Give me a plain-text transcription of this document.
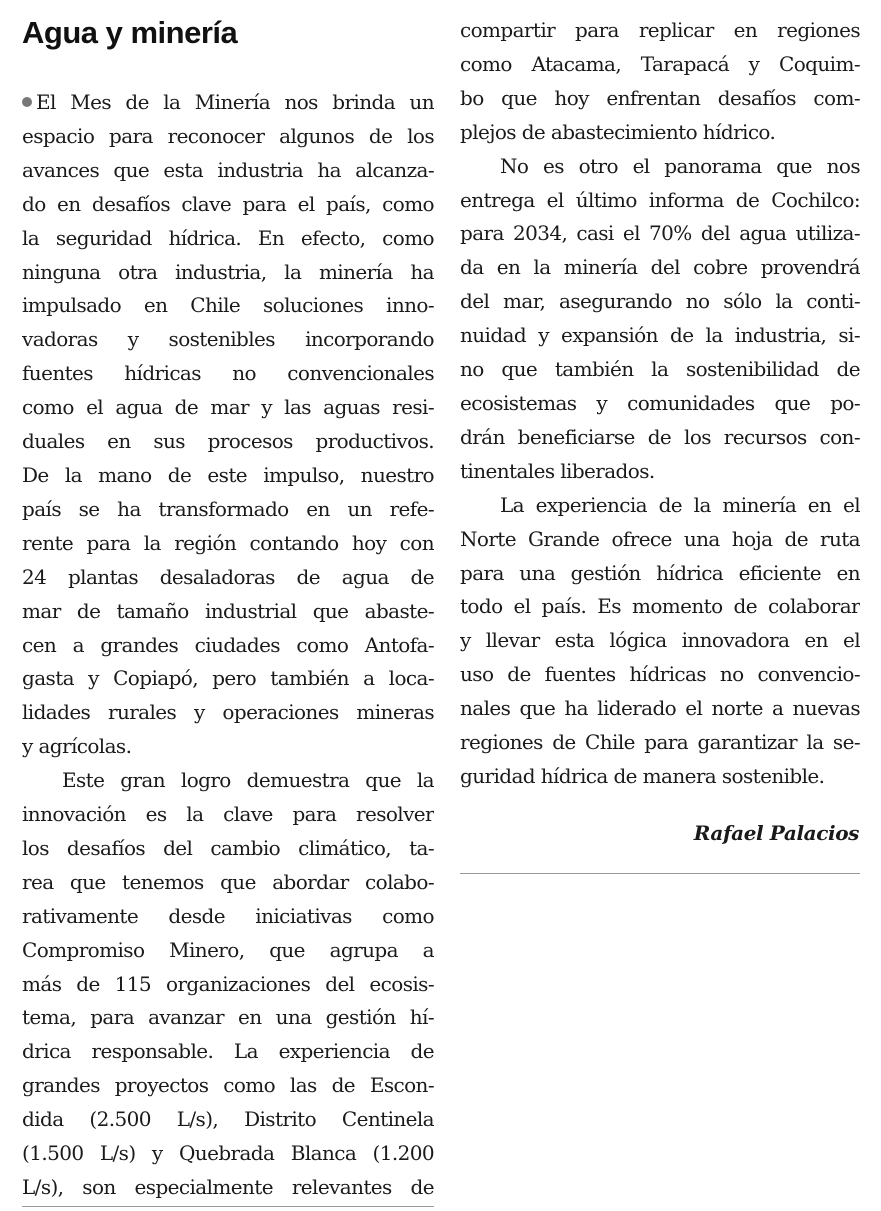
Agua y minería
El Mes de la Minería nos brinda un
espacio para reconocer algunos de los
avances que esta industria ha alcanza-
do en desafíos clave para el país, como
la seguridad hídrica. En efecto, como
ninguna otra industria, la minería ha
impulsado en Chile soluciones inno-
vadoras y sostenibles incorporando
fuentes hídricas no convencionales
como el agua de mar y las aguas resi-
duales en sus procesos productivos.
De la mano de este impulso, nuestro
país se ha transformado en un refe-
rente para la región contando hoy con
24 plantas desaladoras de agua de
mar de tamaño industrial que abaste-
cen a grandes ciudades como Antofa-
gasta y Copiapó, pero también a loca-
lidades rurales y operaciones mineras
y agrícolas.
Este gran logro demuestra que la
innovación es la clave para resolver
los desafíos del cambio climático, ta-
rea que tenemos que abordar colabo-
rativamente desde iniciativas como
Compromiso Minero, que agrupa a
más de 115 organizaciones del ecosis-
tema, para avanzar en una gestión hí-
drica responsable. La experiencia de
grandes proyectos como las de Escon-
dida (2.500 L/s), Distrito Centinela
(1.500 L/s) y Quebrada Blanca (1.200
L/s), son especialmente relevantes de
compartir para replicar en regiones
como Atacama, Tarapacá y Coquim-
bo que hoy enfrentan desafíos com-
plejos de abastecimiento hídrico.
No es otro el panorama que nos
entrega el último informa de Cochilco:
para 2034, casi el 70% del agua utiliza-
da en la minería del cobre provendrá
del mar, asegurando no sólo la conti-
nuidad y expansión de la industria, si-
no que también la sostenibilidad de
ecosistemas y comunidades que po-
drán beneficiarse de los recursos con-
tinentales liberados.
La experiencia de la minería en el
Norte Grande ofrece una hoja de ruta
para una gestión hídrica eficiente en
todo el país. Es momento de colaborar
y llevar esta lógica innovadora en el
uso de fuentes hídricas no convencio-
nales que ha liderado el norte a nuevas
regiones de Chile para garantizar la se-
guridad hídrica de manera sostenible.
Rafael Palacios
